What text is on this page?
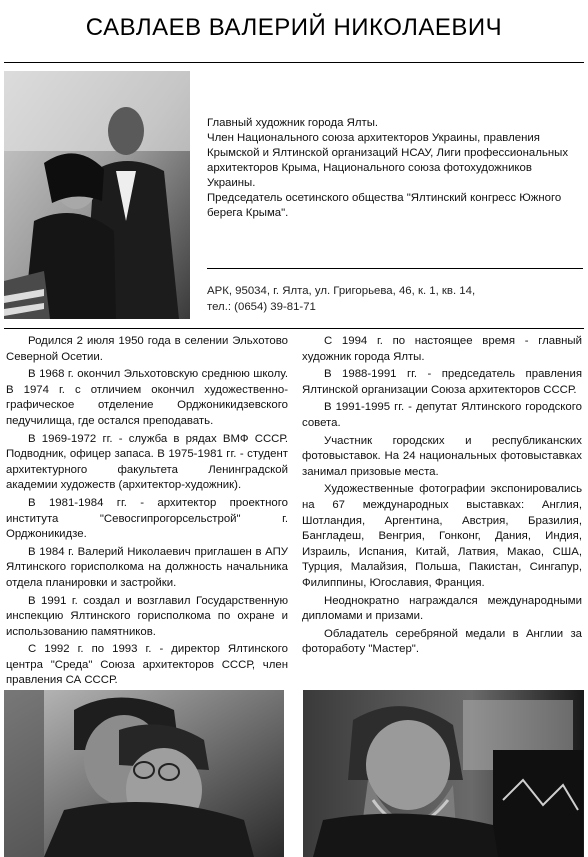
САВЛАЕВ ВАЛЕРИЙ НИКОЛАЕВИЧ

Главный художник города Ялты.

Член Национального союза архитекторов Украины, правления Крымской и Ялтинской организаций НСАУ, Лиги профессиональных архитекторов Крыма, Национального союза фотохудожников Украины.

Председатель осетинского общества "Ялтинский конгресс Южного берега Крыма".

АРК, 95034, г. Ялта, ул. Григорьева, 46, к. 1, кв. 14,
тел.: (0654) 39-81-71

Родился 2 июля 1950 года в селении Эльхотово Северной Осетии.

В 1968 г. окончил Эльхотовскую среднюю школу. В 1974 г. с отличием окончил художественно-графическое отделение Орджоникидзевского педучилища, где остался преподавать.

В 1969-1972 гг. - служба в рядах ВМФ СССР. Подводник, офицер запаса. В 1975-1981 гг. - студент архитектурного факультета Ленинградской академии художеств (архитектор-художник).

В 1981-1984 гг. - архитектор проектного института "Севосгипрогорсельстрой" г. Орджоникидзе.

В 1984 г. Валерий Николаевич приглашен в АПУ Ялтинского горисполкома на должность начальника отдела планировки и застройки.

В 1991 г. создал и возглавил Государственную инспекцию Ялтинского горисполкома по охране и использованию памятников.

С 1992 г. по 1993 г. - директор Ялтинского центра "Среда" Союза архитекторов СССР, член правления СА СССР.

С 1994 г. по настоящее время - главный художник города Ялты.

В 1988-1991 гг. - председатель правления Ялтинской организации Союза архитекторов СССР.

В 1991-1995 гг. - депутат Ялтинского городского совета.

Участник городских и республиканских фотовыставок. На 24 национальных фотовыставках занимал призовые места.

Художественные фотографии экспонировались на 67 международных выставках: Англия, Шотландия, Аргентина, Австрия, Бразилия, Бангладеш, Венгрия, Гонконг, Дания, Индия, Израиль, Испания, Китай, Латвия, Макао, США, Турция, Малайзия, Польша, Пакистан, Сингапур, Филиппины, Югославия, Франция.

Неоднократно награждался международными дипломами и призами.

Обладатель серебряной медали в Англии за фотоработу "Мастер".
